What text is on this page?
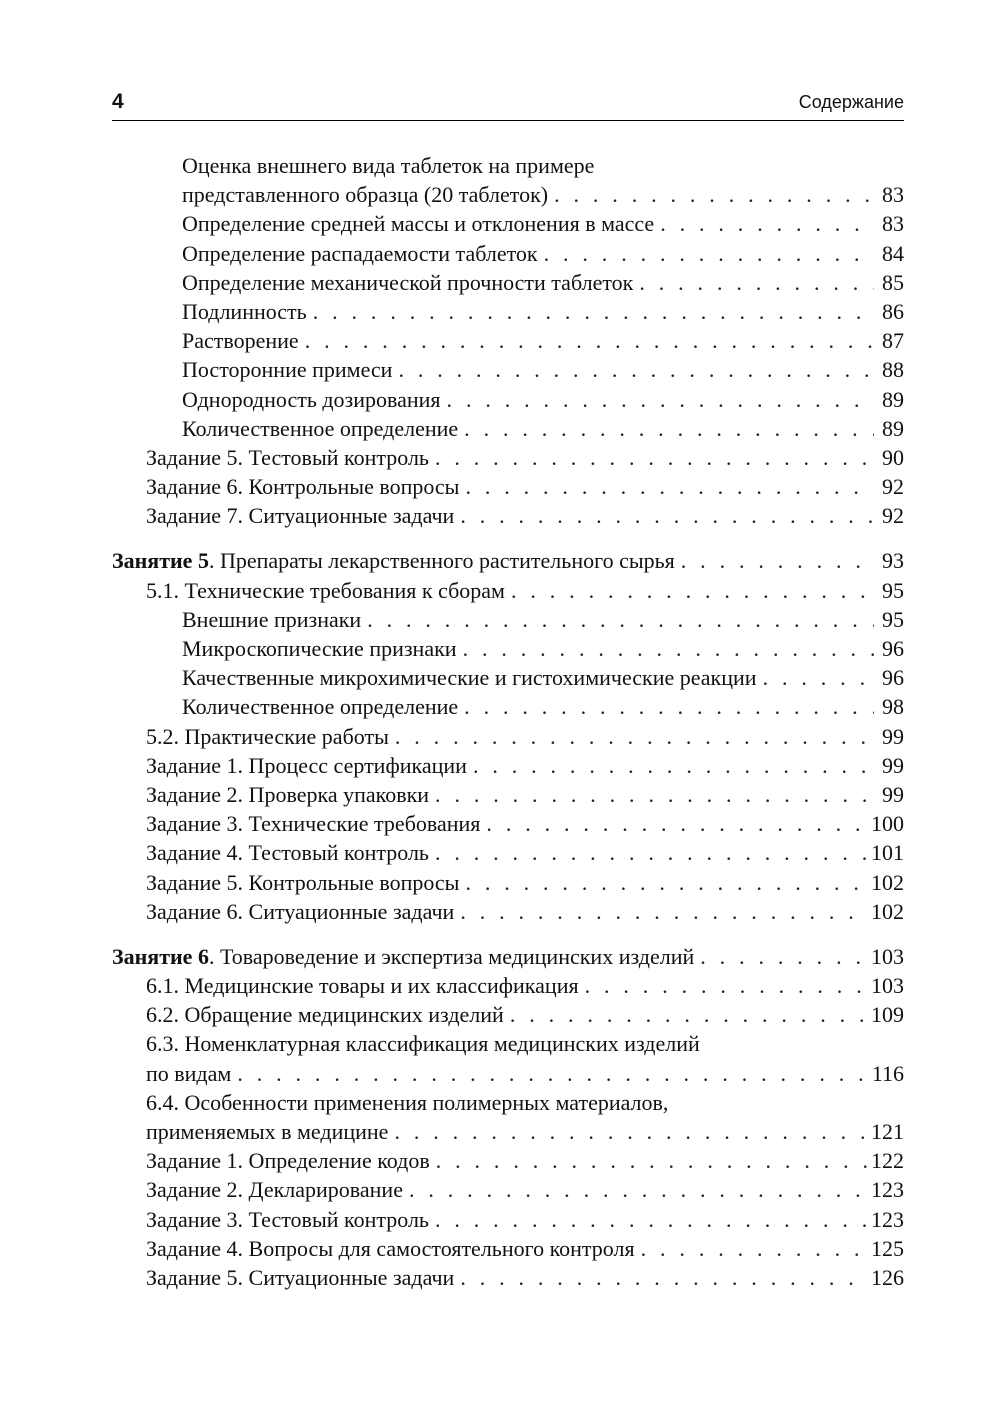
4	Содержание
Оценка внешнего вида таблеток на примере
представленного образца (20 таблеток) . . .	83
Определение средней массы и отклонения в массе . . .	83
Определение распадаемости таблеток . . .	84
Определение механической прочности таблеток . . .	85
Подлинность . . .	86
Растворение . . .	87
Посторонние примеси . . .	88
Однородность дозирования . . .	89
Количественное определение . . .	89
Задание 5. Тестовый контроль . . .	90
Задание 6. Контрольные вопросы . . .	92
Задание 7. Ситуационные задачи . . .	92
Занятие 5. Препараты лекарственного растительного сырья . . .	93
5.1. Технические требования к сборам . . .	95
Внешние признаки . . .	95
Микроскопические признаки . . .	96
Качественные микрохимические и гистохимические реакции . . .	96
Количественное определение . . .	98
5.2. Практические работы . . .	99
Задание 1. Процесс сертификации . . .	99
Задание 2. Проверка упаковки . . .	99
Задание 3. Технические требования . . .	100
Задание 4. Тестовый контроль . . .	101
Задание 5. Контрольные вопросы . . .	102
Задание 6. Ситуационные задачи . . .	102
Занятие 6. Товароведение и экспертиза медицинских изделий . . .	103
6.1. Медицинские товары и их классификация . . .	103
6.2. Обращение медицинских изделий . . .	109
6.3. Номенклатурная классификация медицинских изделий
по видам . . .	116
6.4. Особенности применения полимерных материалов,
применяемых в медицине . . .	121
Задание 1. Определение кодов . . .	122
Задание 2. Декларирование . . .	123
Задание 3. Тестовый контроль . . .	123
Задание 4. Вопросы для самостоятельного контроля . . .	125
Задание 5. Ситуационные задачи . . .	126
